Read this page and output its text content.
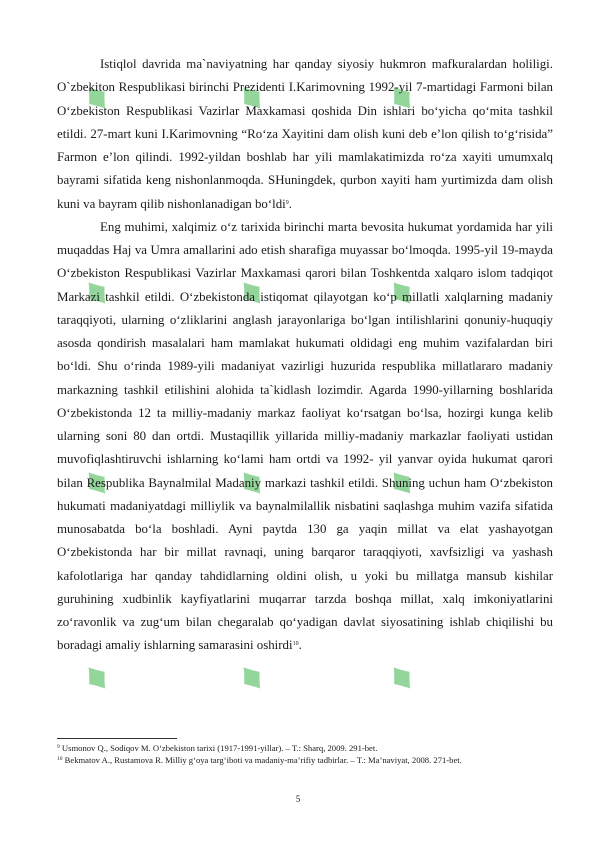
♦ ♦ ♦
♦ ♦ ♦
♦ ♦ ♦
♦ ♦ ♦

Istiqlol davrida ma`naviyatning har qanday siyosiy hukmron mafkuralardan holiligi. O`zbekiton Respublikasi birinchi Prezidenti I.Karimovning 1992-yil 7-martidagi Farmoni bilan O‘zbekiston Respublikasi Vazirlar Maxkamasi qoshida Din ishlari bo‘yicha qo‘mita tashkil etildi. 27-mart kuni I.Karimovning “Ro‘za Xayitini dam olish kuni deb e’lon qilish to‘g‘risida” Farmon e’lon qilindi. 1992-yildan boshlab har yili mamlakatimizda ro‘za xayiti umumxalq bayrami sifatida keng nishonlanmoqda. SHuningdek, qurbon xayiti ham yurtimizda dam olish kuni va bayram qilib nishonlanadigan bo‘ldi$^9$.

Eng muhimi, xalqimiz o‘z tarixida birinchi marta bevosita hukumat yordamida har yili muqaddas Haj va Umra amallarini ado etish sharafiga muyassar bo‘lmoqda. 1995-yil 19-mayda O‘zbekiston Respublikasi Vazirlar Maxkamasi qarori bilan Toshkentda xalqaro islom tadqiqot Markazi tashkil etildi. O‘zbekistonda istiqomat qilayotgan ko‘p millatli xalqlarning madaniy taraqqiyoti, ularning o‘zliklarini anglash jarayonlariga bo‘lgan intilishlarini qonuniy-huquqiy asosda qondirish masalalari ham mamlakat hukumati oldidagi eng muhim vazifalardan biri bo‘ldi. Shu o‘rinda 1989-yili madaniyat vazirligi huzurida respublika millatlararo madaniy markazning tashkil etilishini alohida ta`kidlash lozimdir. Agarda 1990-yillarning boshlarida O‘zbekistonda 12 ta milliy-madaniy markaz faoliyat ko‘rsatgan bo‘lsa, hozirgi kunga kelib ularning soni 80 dan ortdi. Mustaqillik yillarida milliy-madaniy markazlar faoliyati ustidan muvofiqlashtiruvchi ishlarning ko‘lami ham ortdi va 1992- yil yanvar oyida hukumat qarori bilan Respublika Baynalmilal Madaniy markazi tashkil etildi. Shuning uchun ham O‘zbekiston hukumati madaniyatdagi milliylik va baynalmilallik nisbatini saqlashga muhim vazifa sifatida munosabatda bo‘la boshladi. Ayni paytda 130 ga yaqin millat va elat yashayotgan O‘zbekistonda har bir millat ravnaqi, uning barqaror taraqqiyoti, xavfsizligi va yashash kafolotlariga har qanday tahdidlarning oldini olish, u yoki bu millatga mansub kishilar guruhining xudbinlik kayfiyatlarini muqarrar tarzda boshqa millat, xalq imkoniyatlarini zo‘ravonlik va zug‘um bilan chegaralab qo‘yadigan davlat siyosatining ishlab chiqilishi bu boradagi amaliy ishlarning samarasini oshirdi$^{10}$.

$^9$ Usmonov Q., Sodiqov M. O‘zbekiston tarixi (1917-1991-yillar). – T.: Sharq, 2009. 291-bet.

$^{10}$ Bekmatov A., Rustamova R. Milliy g‘oya targ‘iboti va madaniy-ma’rifiy tadbirlar. – T.: Ma’naviyat, 2008. 271-bet.

5
